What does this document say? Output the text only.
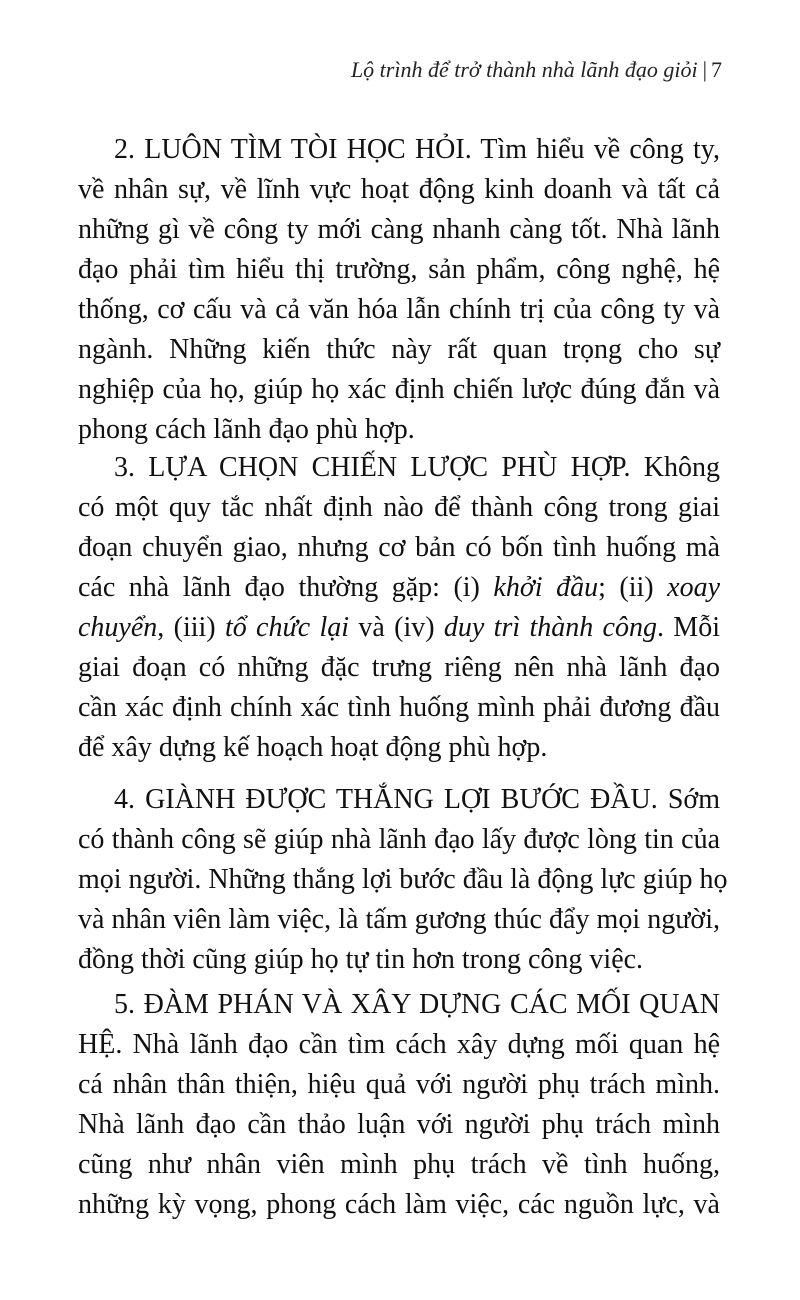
Lộ trình để trở thành nhà lãnh đạo giỏi | 7
2. LUÔN TÌM TÒI HỌC HỎI. Tìm hiểu về công ty,
về nhân sự, về lĩnh vực hoạt động kinh doanh và tất cả
những gì về công ty mới càng nhanh càng tốt. Nhà lãnh
đạo phải tìm hiểu thị trường, sản phẩm, công nghệ, hệ
thống, cơ cấu và cả văn hóa lẫn chính trị của công ty và
ngành. Những kiến thức này rất quan trọng cho sự
nghiệp của họ, giúp họ xác định chiến lược đúng đắn và
phong cách lãnh đạo phù hợp.
3. LỰA CHỌN CHIẾN LƯỢC PHÙ HỢP. Không
có một quy tắc nhất định nào để thành công trong giai
đoạn chuyển giao, nhưng cơ bản có bốn tình huống mà
các nhà lãnh đạo thường gặp: (i) khởi đầu; (ii) xoay
chuyển, (iii) tổ chức lại và (iv) duy trì thành công. Mỗi
giai đoạn có những đặc trưng riêng nên nhà lãnh đạo
cần xác định chính xác tình huống mình phải đương đầu
để xây dựng kế hoạch hoạt động phù hợp.
4. GIÀNH ĐƯỢC THẮNG LỢI BƯỚC ĐẦU. Sớm
có thành công sẽ giúp nhà lãnh đạo lấy được lòng tin của
mọi người. Những thắng lợi bước đầu là động lực giúp họ
và nhân viên làm việc, là tấm gương thúc đẩy mọi người,
đồng thời cũng giúp họ tự tin hơn trong công việc.
5. ĐÀM PHÁN VÀ XÂY DỰNG CÁC MỐI QUAN
HỆ. Nhà lãnh đạo cần tìm cách xây dựng mối quan hệ
cá nhân thân thiện, hiệu quả với người phụ trách mình.
Nhà lãnh đạo cần thảo luận với người phụ trách mình
cũng như nhân viên mình phụ trách về tình huống,
những kỳ vọng, phong cách làm việc, các nguồn lực, và
